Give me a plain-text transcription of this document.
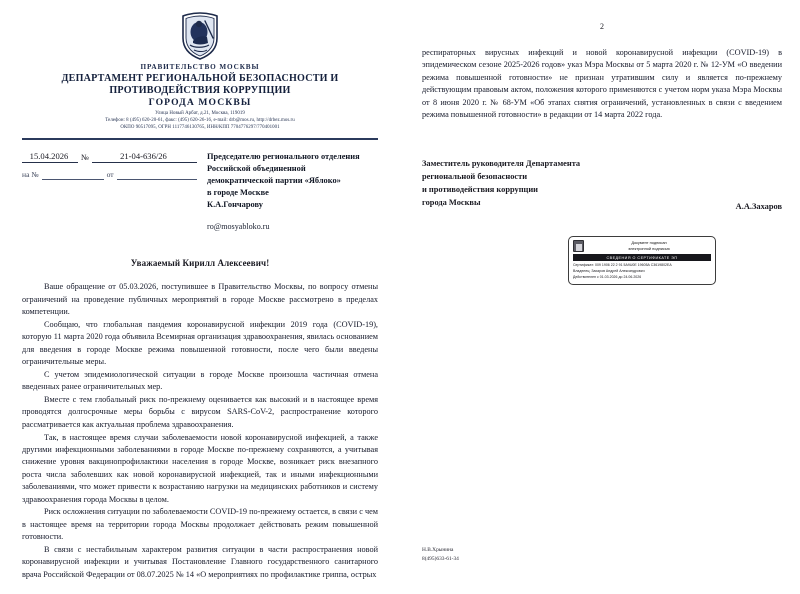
ПРАВИТЕЛЬСТВО МОСКВЫ
ДЕПАРТАМЕНТ РЕГИОНАЛЬНОЙ БЕЗОПАСНОСТИ И
ПРОТИВОДЕЙСТВИЯ КОРРУПЦИИ
ГОРОДА МОСКВЫ
Улица Новый Арбат, д.21, Москва, 119019
Телефон: 8 (495) 620-20-61, факс: (495) 620-26-16, e-mail: drb@mos.ru, http://drbez.mos.ru
ОКПО 90517095, ОГРН 1117746130765, ИНН/КПП 7704776297/770401001
15.04.2026	№	21-04-636/26
на №	от
Председателю регионального отделения
Российской объединенной
демократической партии «Яблоко»
в городе Москве
К.А.Гончарову
ro@mosyabloko.ru
Уважаемый Кирилл Алексеевич!

Ваше обращение от 05.03.2026, поступившее в Правительство Москвы, по вопросу отмены ограничений на проведение публичных мероприятий в городе Москве рассмотрено в пределах компетенции.

Сообщаю, что глобальная пандемия коронавирусной инфекции 2019 года (COVID-19), которую 11 марта 2020 года объявила Всемирная организация здравоохранения, явилась основанием для введения в городе Москве режима повышенной готовности, после чего были введены ограничительные меры.

С учетом эпидемиологической ситуации в городе Москве произошла частичная отмена введенных ранее ограничительных мер.

Вместе с тем глобальный риск по-прежнему оценивается как высокий и в настоящее время проводятся долгосрочные меры борьбы с вирусом SARS-CoV-2, распространение которого рассматривается как актуальная проблема здравоохранения.

Так, в настоящее время случаи заболеваемости новой коронавирусной инфекцией, а также другими инфекционными заболеваниями в городе Москве по-прежнему сохраняются, а учитывая снижение уровня вакцинопрофилактики населения в городе Москве, возникает риск внезапного роста числа заболевших как новой коронавирусной инфекцией, так и иными инфекционными заболеваниями, что может привести к возрастанию нагрузки на медицинских работников и систему здравоохранения города Москвы в целом.

Риск осложнения ситуации по заболеваемости COVID-19 по-прежнему остается, в связи с чем в настоящее время на территории города Москвы продолжает действовать режим повышенной готовности.

В связи с нестабильным характером развития ситуации в части распространения новой коронавирусной инфекции и учитывая Постановление Главного государственного санитарного врача Российской Федерации от 08.07.2025 № 14 «О мероприятиях по профилактике гриппа, острых

2

респираторных вирусных инфекций и новой коронавирусной инфекции (COVID-19) в эпидемическом сезоне 2025-2026 годов» указ Мэра Москвы от 5 марта 2020 г. № 12-УМ «О введении режима повышенной готовности» не признан утратившим силу и является по-прежнему действующим правовым актом, положения которого применяются с учетом норм указа Мэра Москвы от 8 июня 2020 г. № 68-УМ «Об этапах снятия ограничений, установленных в связи с введением режима повышенной готовности» в редакции от 14 марта 2022 года.

Заместитель руководителя Департамента
региональной безопасности
и противодействия коррупции
города Москвы	А.А.Захаров
Документ подписан
электронной подписью
СВЕДЕНИЯ О СЕРТИФИКАТЕ ЭП
Сертификат: 009 1906 22 2 91 5A9U0E 19605A C3619802EA
Владелец: Захаров Андрей Александрович
Действителен с 01.03.2026 до 24.06.2026
Н.В.Хрынина
8(495)633-61-34
